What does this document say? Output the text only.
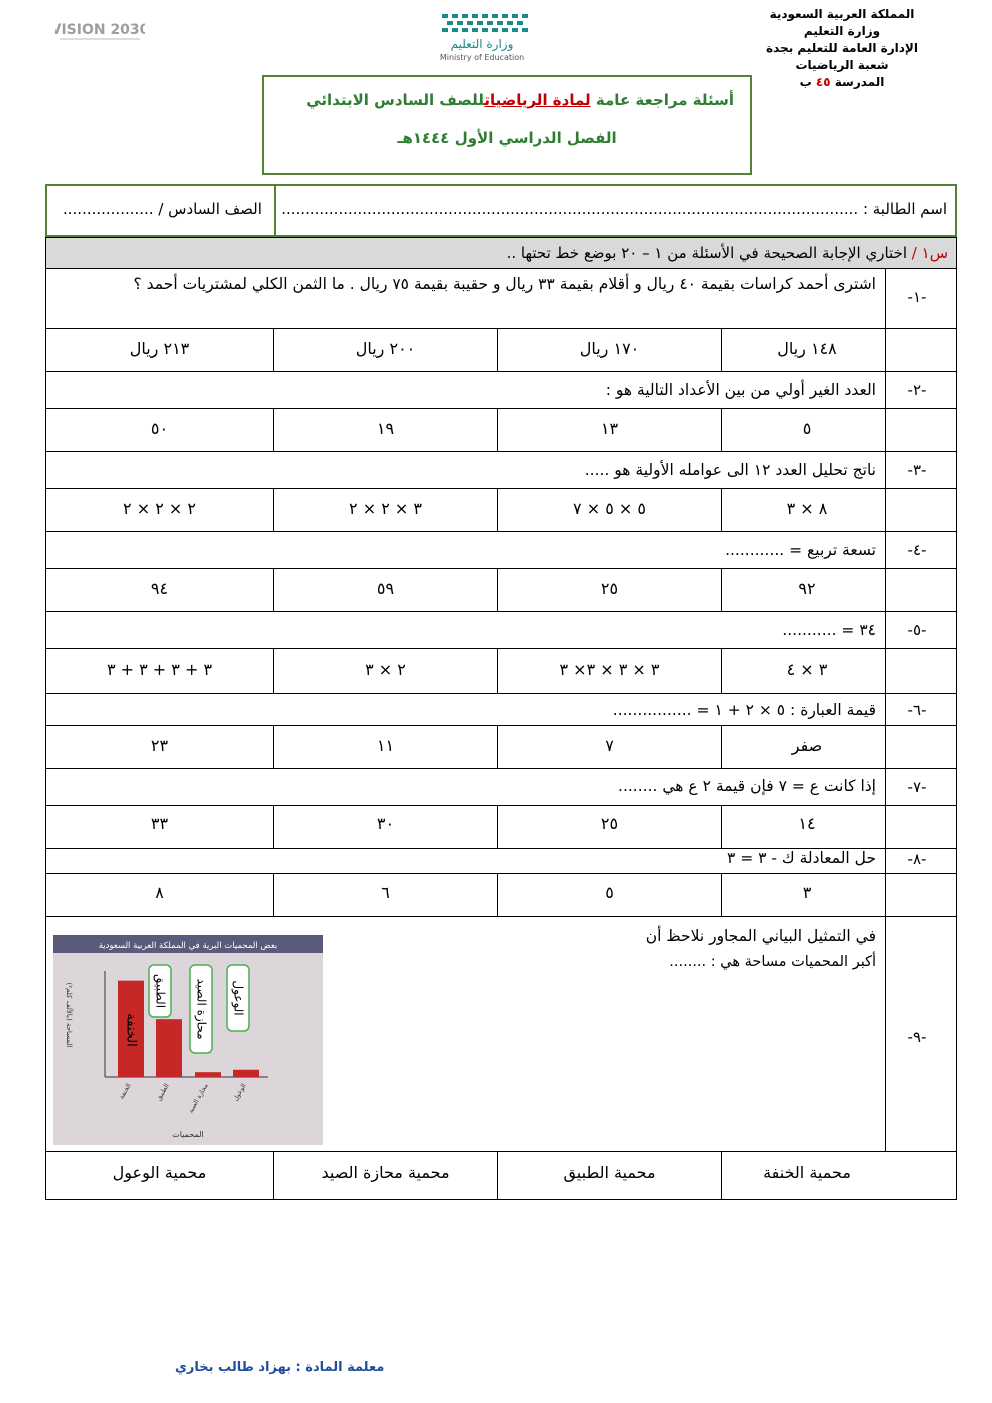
المملكة العربية السعودية
وزارة التعليم
الإدارة العامة للتعليم بجدة
شعبة الرياضيات
المدرسة ٤٥ ب
وزارة التعليم
Ministry of Education
VISION 2030
أسئلة مراجعة عامة لمادة الرياضياتللصف السادس الابتدائي
الفصل الدراسي الأول ١٤٤٤هـ
اسم الطالبة : .........................................................................................................................
الصف السادس / ...................
س١ / اختاري الإجابة الصحيحة في الأسئلة من ١ – ٢٠ بوضع خط تحتها ..
-١-
اشترى أحمد كراسات بقيمة ٤٠ ريال و أقلام بقيمة ٣٣ ريال و حقيبة بقيمة ٧٥ ريال . ما الثمن الكلي لمشتريات أحمد ؟
١٤٨ ريال
١٧٠ ريال
٢٠٠ ريال
٢١٣ ريال
-٢-
العدد الغير أولي من بين الأعداد التالية هو :
٥
١٣
١٩
٥٠
-٣-
ناتج تحليل العدد ١٢ الى عوامله الأولية هو .....
٨ × ٣
٥ × ٥ × ٧
٣ × ٢ × ٢
٢ × ٢ × ٢
-٤-
تسعة تربيع = ............
٩٢
٢٥
٥٩
٩٤
-٥-
٣٤ = ...........
٣ × ٤
٣ × ٣ × ٣× ٣
٢ × ٣
٣ + ٣ + ٣ + ٣
-٦-
قيمة العبارة : ٥ × ٢ + ١ = ................
صفر
٧
١١
٢٣
-٧-
إذا كانت ع = ٧ فإن قيمة ٢ ع هي ........
١٤
٢٥
٣٠
٣٣
-٨-
حل المعادلة ك - ٣ = ٣
٣
٥
٦
٨
-٩-
في التمثيل البياني المجاور نلاحظ أن
أكبر المحميات مساحة هي : ........
محمية الخنفة
محمية الطبيق
محمية محازة الصيد
محمية الوعول
بعض المحميات البرية في المملكة العربية السعودية
المحميات
المساحة (بالألف كلم²)
الخنفة	الطبيق محازة الصيد	الوعول
الطبيق محازة الصيد الوعول
الخنفة
معلمة المادة : بهزاد طالب بخاري
